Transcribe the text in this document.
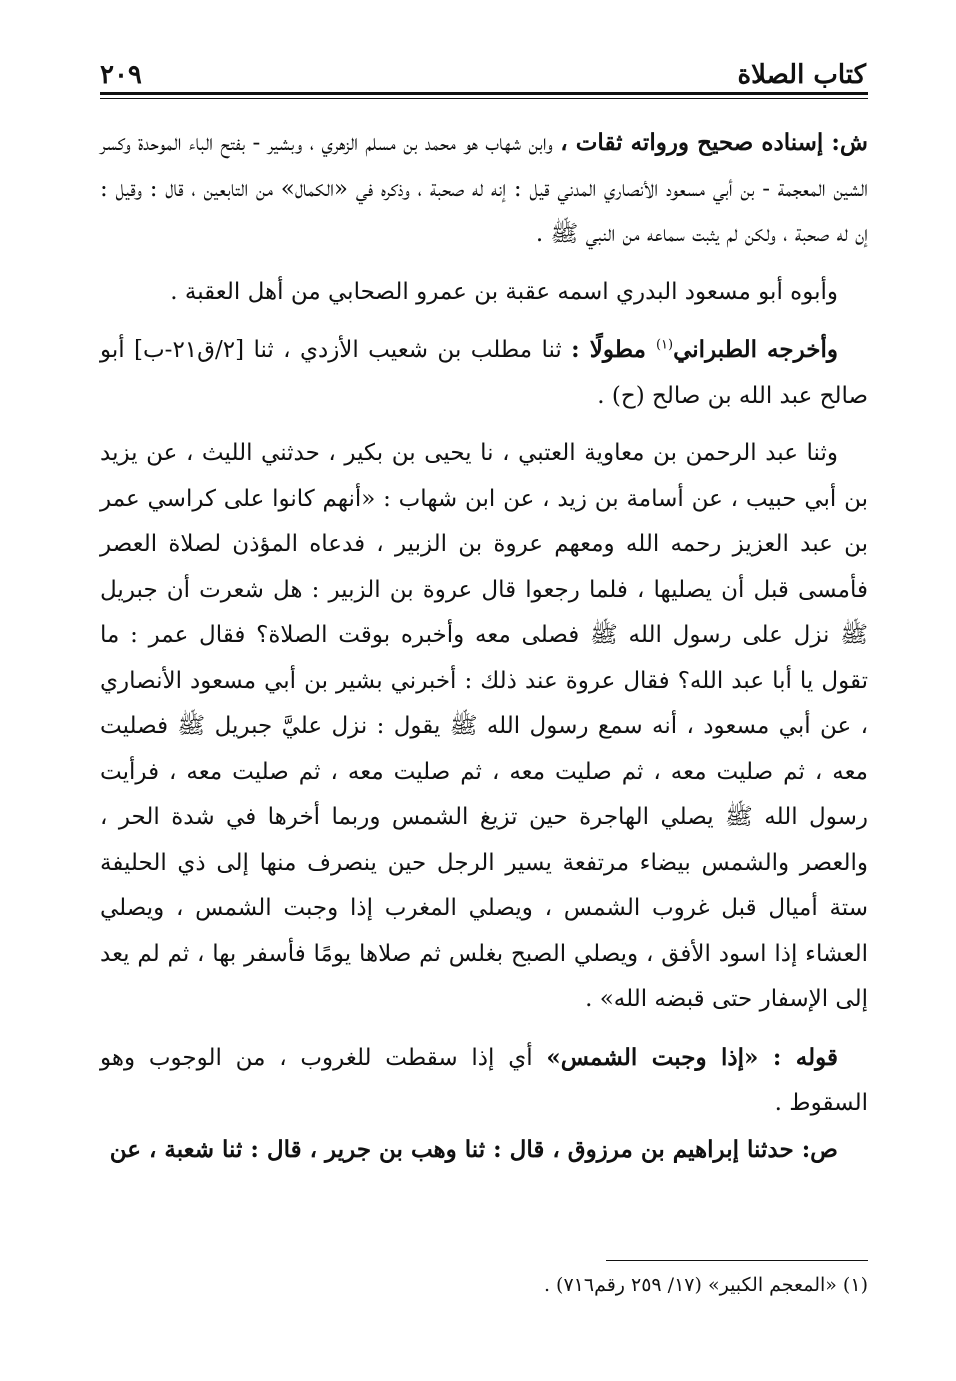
كتاب الصلاة
٢٠٩

ش: إسناده صحيح ورواته ثقات ، وابن شهاب هو محمد بن مسلم الزهري ، وبشير - بفتح الباء الموحدة وكسر الشين المعجمة - بن أبي مسعود الأنصاري المدني قيل : إنه له صحبة ، وذكره في «الكمال» من التابعين ، قال : وقيل : إن له صحبة ، ولكن لم يثبت سماعه من النبي ﷺ .

وأبوه أبو مسعود البدري اسمه عقبة بن عمرو الصحابي من أهل العقبة .

وأخرجه الطبراني$^{(١)}$ مطولًا : ثنا مطلب بن شعيب الأزدي ، ثنا [٢/ق٢١-ب] أبو صالح عبد الله بن صالح (ح) .

وثنا عبد الرحمن بن معاوية العتبي ، نا يحيى بن بكير ، حدثني الليث ، عن يزيد بن أبي حبيب ، عن أسامة بن زيد ، عن ابن شهاب : «أنهم كانوا على كراسي عمر بن عبد العزيز رحمه الله ومعهم عروة بن الزبير ، فدعاه المؤذن لصلاة العصر فأمسى قبل أن يصليها ، فلما رجعوا قال عروة بن الزبير : هل شعرت أن جبريل ﷺ نزل على رسول الله ﷺ فصلى معه وأخبره بوقت الصلاة؟ فقال عمر : ما تقول يا أبا عبد الله؟ فقال عروة عند ذلك : أخبرني بشير بن أبي مسعود الأنصاري ، عن أبي مسعود ، أنه سمع رسول الله ﷺ يقول : نزل عليَّ جبريل ﷺ فصليت معه ، ثم صليت معه ، ثم صليت معه ، ثم صليت معه ، ثم صليت معه ، فرأيت رسول الله ﷺ يصلي الهاجرة حين تزيغ الشمس وربما أخرها في شدة الحر ، والعصر والشمس بيضاء مرتفعة يسير الرجل حين ينصرف منها إلى ذي الحليفة ستة أميال قبل غروب الشمس ، ويصلي المغرب إذا وجبت الشمس ، ويصلي العشاء إذا اسود الأفق ، ويصلي الصبح بغلس ثم صلاها يومًا فأسفر بها ، ثم لم يعد إلى الإسفار حتى قبضه الله» .

قوله : «إذا وجبت الشمس» أي إذا سقطت للغروب ، من الوجوب وهو السقوط .

ص: حدثنا إبراهيم بن مرزوق ، قال : ثنا وهب بن جرير ، قال : ثنا شعبة ، عن

(١) «المعجم الكبير» (١٧/ ٢٥٩ رقم٧١٦) .
